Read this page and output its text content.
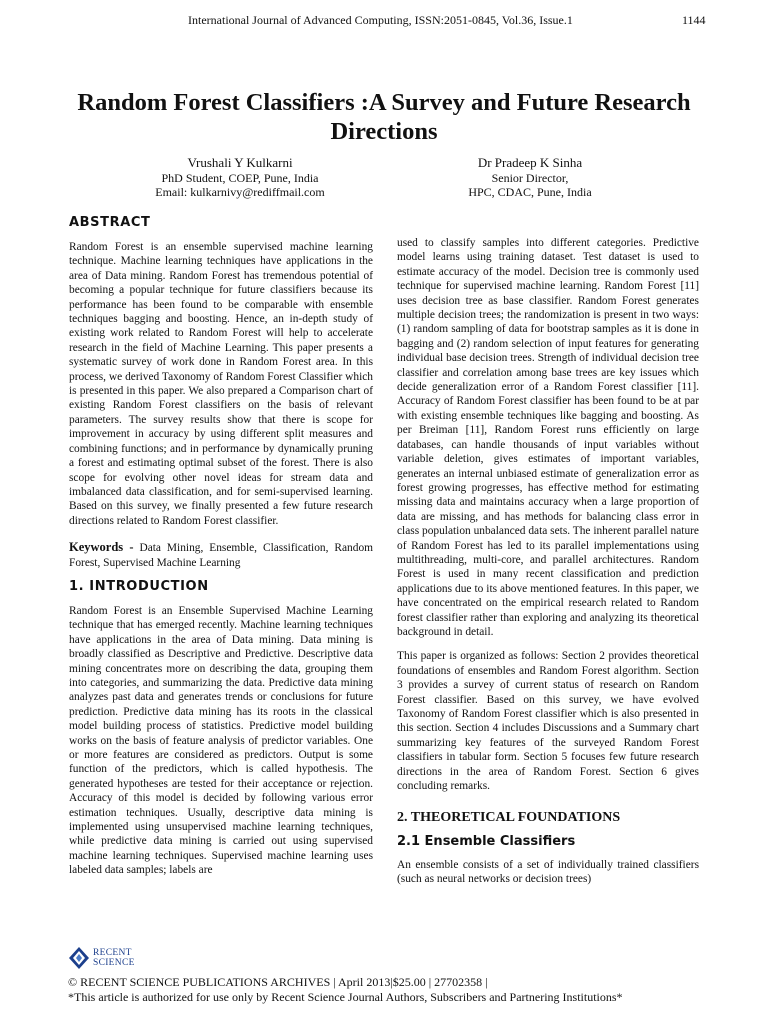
International Journal of Advanced Computing, ISSN:2051-0845, Vol.36, Issue.1	1144
Random Forest Classifiers :A Survey and Future Research Directions
Vrushali Y Kulkarni
PhD Student, COEP, Pune, India
Email: kulkarnivy@rediffmail.com
Dr Pradeep K Sinha
Senior Director,
HPC, CDAC, Pune, India
ABSTRACT

Random Forest is an ensemble supervised machine learning technique. Machine learning techniques have applications in the area of Data mining. Random Forest has tremendous potential of becoming a popular technique for future classifiers because its performance has been found to be comparable with ensemble techniques bagging and boosting. Hence, an in-depth study of existing work related to Random Forest will help to accelerate research in the field of Machine Learning. This paper presents a systematic survey of work done in Random Forest area. In this process, we derived Taxonomy of Random Forest Classifier which is presented in this paper. We also prepared a Comparison chart of existing Random Forest classifiers on the basis of relevant parameters. The survey results show that there is scope for improvement in accuracy by using different split measures and combining functions; and in performance by dynamically pruning a forest and estimating optimal subset of the forest. There is also scope for evolving other novel ideas for stream data and imbalanced data classification, and for semi-supervised learning. Based on this survey, we finally presented a few future research directions related to Random Forest classifier.

Keywords - Data Mining, Ensemble, Classification, Random Forest, Supervised Machine Learning

1. INTRODUCTION

Random Forest is an Ensemble Supervised Machine Learning technique that has emerged recently. Machine learning techniques have applications in the area of Data mining. Data mining is broadly classified as Descriptive and Predictive. Descriptive data mining concentrates more on describing the data, grouping them into categories, and summarizing the data. Predictive data mining analyzes past data and generates trends or conclusions for future prediction. Predictive data mining has its roots in the classical model building process of statistics. Predictive model building works on the basis of feature analysis of predictor variables. One or more features are considered as predictors. Output is some function of the predictors, which is called hypothesis. The generated hypotheses are tested for their acceptance or rejection. Accuracy of this model is decided by following various error estimation techniques. Usually, descriptive data mining is implemented using unsupervised machine learning techniques, while predictive data mining is carried out using supervised machine learning techniques. Supervised machine learning uses labeled data samples; labels are

used to classify samples into different categories. Predictive model learns using training dataset. Test dataset is used to estimate accuracy of the model. Decision tree is commonly used technique for supervised machine learning. Random Forest [11] uses decision tree as base classifier. Random Forest generates multiple decision trees; the randomization is present in two ways: (1) random sampling of data for bootstrap samples as it is done in bagging and (2) random selection of input features for generating individual base decision trees. Strength of individual decision tree classifier and correlation among base trees are key issues which decide generalization error of a Random Forest classifier [11]. Accuracy of Random Forest classifier has been found to be at par with existing ensemble techniques like bagging and boosting. As per Breiman [11], Random Forest runs efficiently on large databases, can handle thousands of input variables without variable deletion, gives estimates of important variables, generates an internal unbiased estimate of generalization error as forest growing progresses, has effective method for estimating missing data and maintains accuracy when a large proportion of data are missing, and has methods for balancing class error in class population unbalanced data sets. The inherent parallel nature of Random Forest has led to its parallel implementations using multithreading, multi-core, and parallel architectures. Random Forest is used in many recent classification and prediction applications due to its above mentioned features. In this paper, we have concentrated on the empirical research related to Random forest classifier rather than exploring and analyzing its theoretical background in detail.

This paper is organized as follows: Section 2 provides theoretical foundations of ensembles and Random Forest algorithm. Section 3 provides a survey of current status of research on Random Forest classifier. Based on this survey, we have evolved Taxonomy of Random Forest classifier which is also presented in this section. Section 4 includes Discussions and a Summary chart summarizing key features of the surveyed Random Forest classifiers in tabular form. Section 5 focuses few future research directions in the area of Random Forest. Section 6 gives concluding remarks.

2. THEORETICAL FOUNDATIONS
2.1 Ensemble Classifiers

An ensemble consists of a set of individually trained classifiers (such as neural networks or decision trees)

RECENT
SCIENCE
© RECENT SCIENCE PUBLICATIONS ARCHIVES | April 2013|$25.00 | 27702358 |
*This article is authorized for use only by Recent Science Journal Authors, Subscribers and Partnering Institutions*
